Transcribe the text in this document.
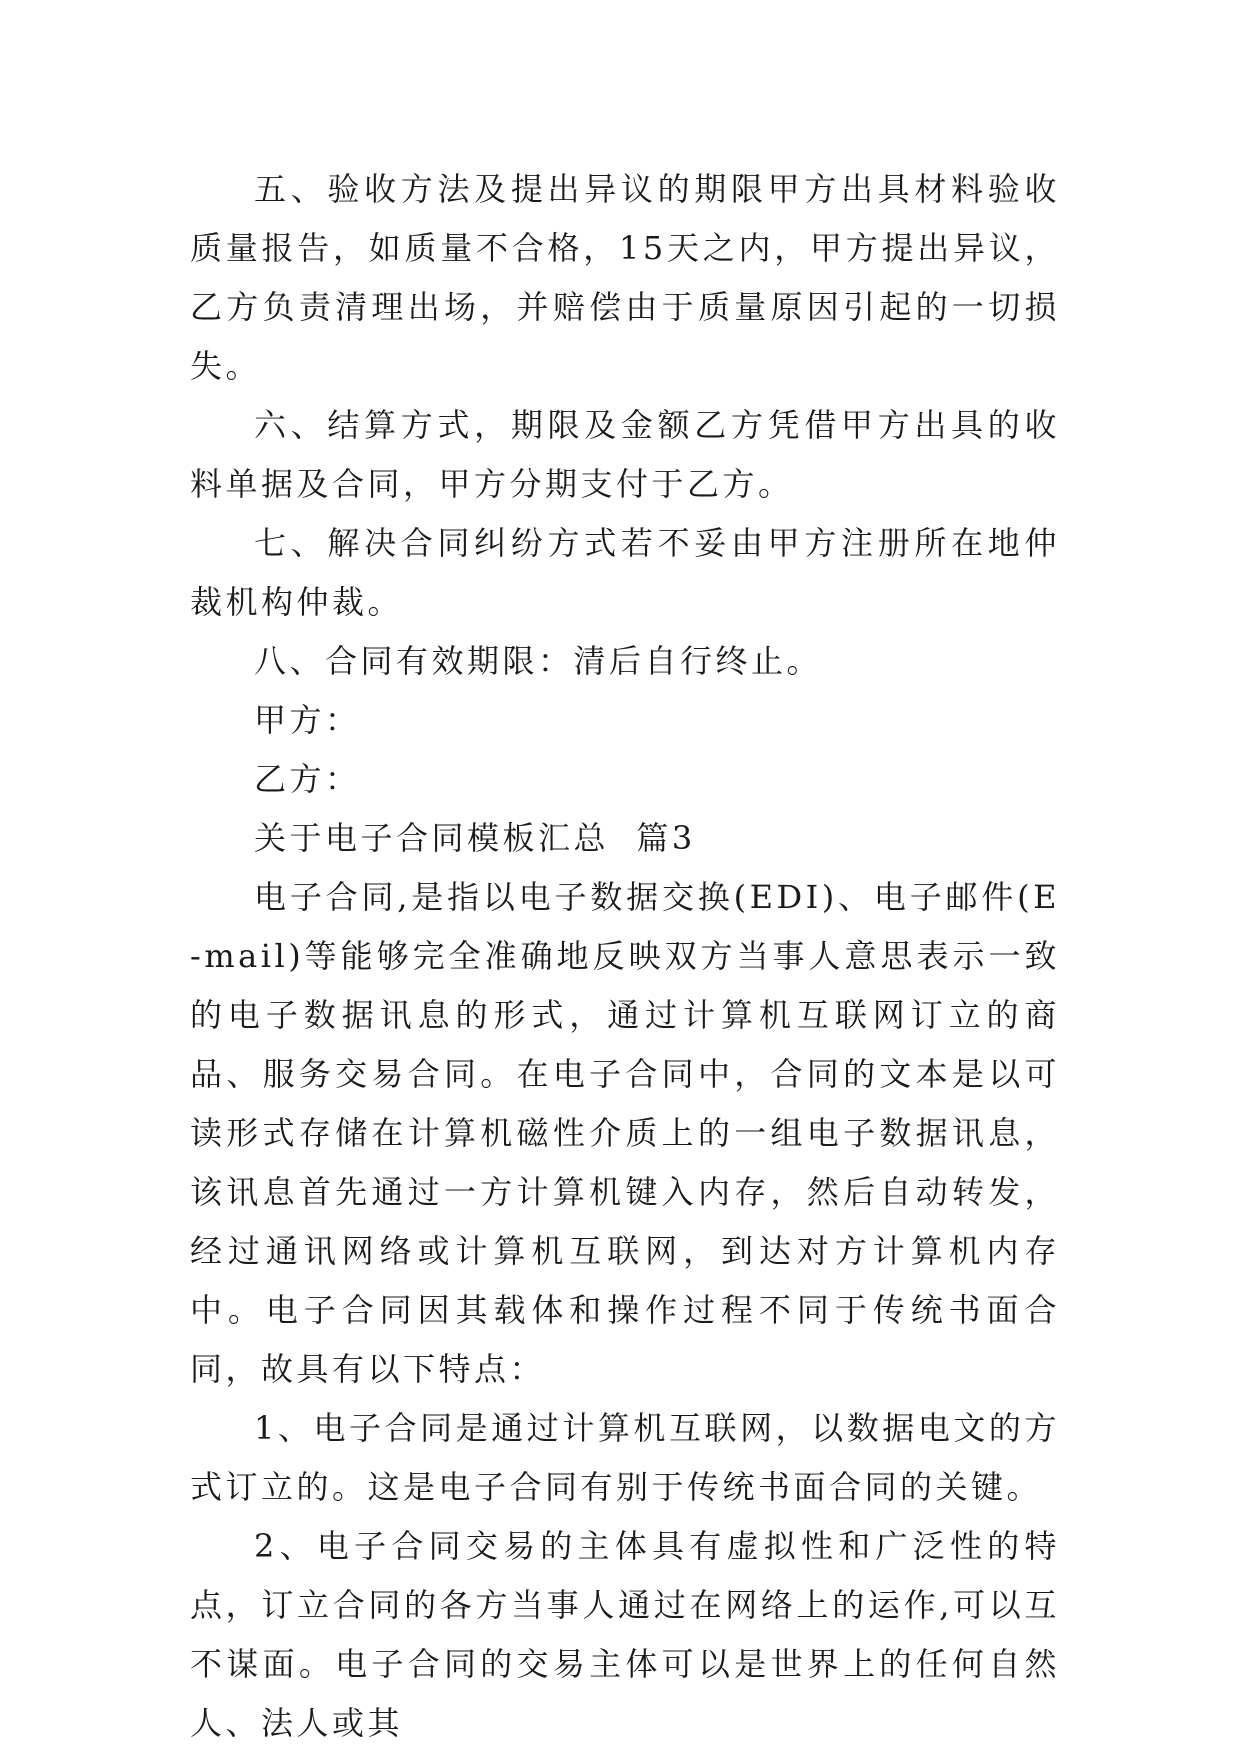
五、验收方法及提出异议的期限甲方出具材料验收质量报告，如质量不合格，15天之内，甲方提出异议，乙方负责清理出场，并赔偿由于质量原因引起的一切损失。

六、结算方式，期限及金额乙方凭借甲方出具的收料单据及合同，甲方分期支付于乙方。

七、解决合同纠纷方式若不妥由甲方注册所在地仲裁机构仲裁。

八、合同有效期限：清后自行终止。

甲方：

乙方：

关于电子合同模板汇总  篇3

电子合同,是指以电子数据交换(EDI)、电子邮件(E-mail)等能够完全准确地反映双方当事人意思表示一致的电子数据讯息的形式，通过计算机互联网订立的商品、服务交易合同。在电子合同中，合同的文本是以可读形式存储在计算机磁性介质上的一组电子数据讯息，该讯息首先通过一方计算机键入内存，然后自动转发，经过通讯网络或计算机互联网，到达对方计算机内存中。电子合同因其载体和操作过程不同于传统书面合同，故具有以下特点：

1、电子合同是通过计算机互联网，以数据电文的方式订立的。这是电子合同有别于传统书面合同的关键。

2、电子合同交易的主体具有虚拟性和广泛性的特点，订立合同的各方当事人通过在网络上的运作,可以互不谋面。电子合同的交易主体可以是世界上的任何自然人、法人或其
